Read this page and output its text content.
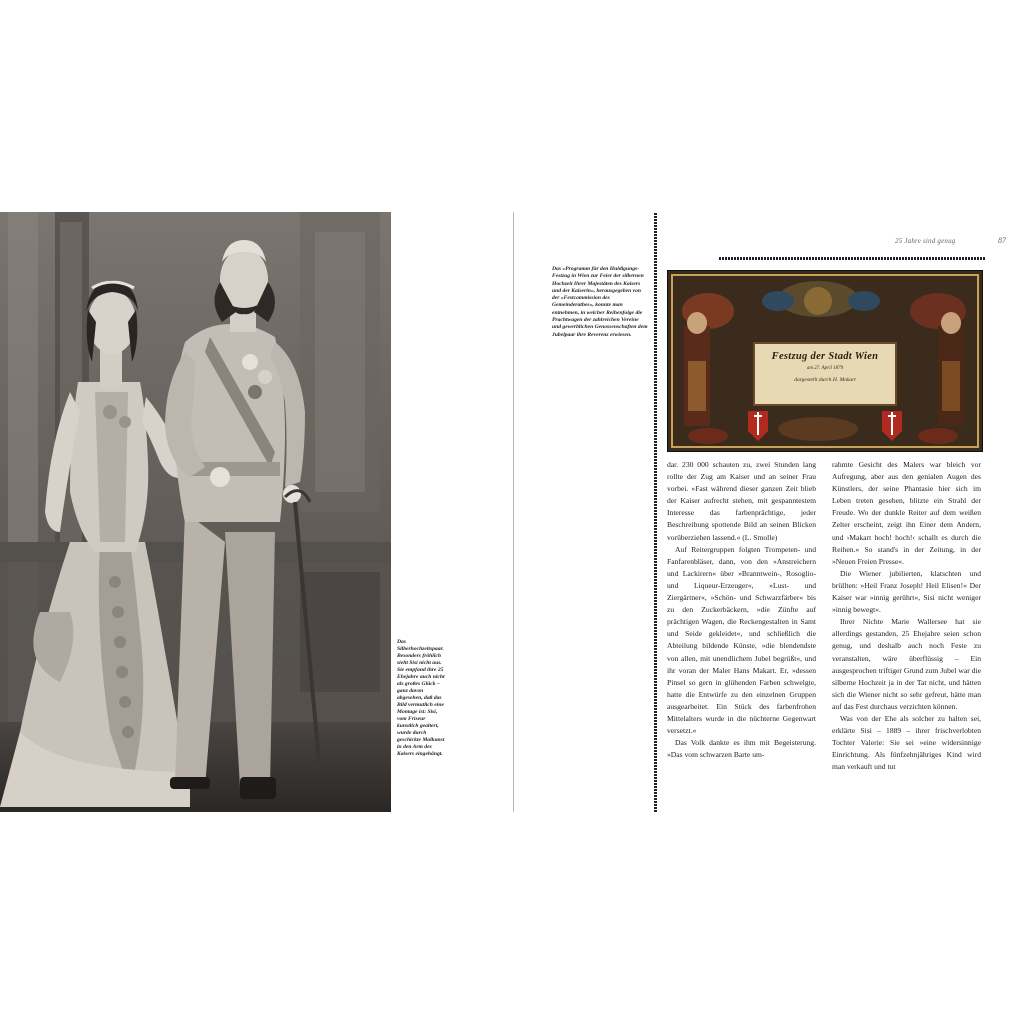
Das Silberhochzeitspaar. Besonders fröhlich sieht Sisi nicht aus. Sie empfand ihre 25 Ehejahre auch nicht als großes Glück – ganz davon abgesehen, daß das Bild vermutlich eine Montage ist: Sisi, vom Friseur kunstlich gealtert, wurde durch geschickte Malkunst in den Arm des Kaisers eingehängt.
25 Jahre sind genug	87
Das »Programm für den Huldigungs-Festzug in Wien zur Feier der silbernen Hochzeit Ihrer Majestäten des Kaisers und der Kaiserin«, herausgegeben von der »Festcommission des Gemeinderathes«, konnte man entnehmen, in welcher Reihenfolge die Prachtwagen der zahlreichen Vereine und gewerblichen Genossenschaften dem Jubelpaar ihre Reverenz erwiesen.
Festzug der Stadt Wien
am 27. April 1879
dargestellt durch H. Makart

dar. 230 000 schauten zu, zwei Stunden lang rollte der Zug am Kaiser und an seiner Frau vorbei. »Fast während dieser ganzen Zeit blieb der Kaiser aufrecht stehen, mit gespanntestem Interesse das farbenprächtige, jeder Beschreibung spottende Bild an seinen Blicken vorüberziehen lassend.« (L. Smolle)

Auf Reitergruppen folgten Trompeten- und Fanfarenbläser, dann, von den »Anstreichern und Lackirern« über »Branntwein-, Rosoglio- und Liqueur-Erzeuger«, »Lust- und Ziergärtner«, »Schön- und Schwarzfärber« bis zu den Zuckerbäckern, »die Zünfte auf prächtigen Wagen, die Reckengestalten in Samt und Seide gekleidet«, und schließlich die Abteilung bildende Künste, »die blendendste von allen, mit unendlichem Jubel begrüßt«, und ihr voran der Maler Hans Makart. Er, »dessen Pinsel so gern in glühenden Farben schwelgte, hatte die Entwürfe zu den einzelnen Gruppen ausgearbeitet. Ein Stück des farbenfrohen Mittelalters wurde in die nüchterne Gegenwart versetzt.«

Das Volk dankte es ihm mit Begeisterung. »Das vom schwarzen Barte um-

rahmte Gesicht des Malers war bleich vor Aufregung, aber aus den genialen Augen des Künstlers, der seine Phantasie hier sich im Leben treten gesehen, blitzte ein Strahl der Freude. Wo der dunkle Reiter auf dem weißen Zelter erscheint, zeigt ihn Einer dem Andern, und ›Makart hoch! hoch!‹ schallt es durch die Reihen.« So stand's in der Zeitung, in der »Neuen Freien Presse«.

Die Wiener jubilierten, klatschten und brüllten: »Heil Franz Joseph! Heil Elisen!« Der Kaiser war »innig gerührt«, Sisi nicht weniger »innig bewegt«.

Ihrer Nichte Marie Wallersee hat sie allerdings gestanden, 25 Ehejahre seien schon genug, und deshalb auch noch Feste zu veranstalten, wäre überflüssig – Ein ausgesprochen triftiger Grund zum Jubel war die silberne Hochzeit ja in der Tat nicht, und hätten sich die Wiener nicht so sehr gefreut, hätte man auf das Fest durchaus verzichten können.

Was von der Ehe als solcher zu halten sei, erklärte Sisi – 1889 – ihrer frischverlobten Tochter Valerie: Sie sei »eine widersinnige Einrichtung. Als fünfzehnjähriges Kind wird man verkauft und tut
